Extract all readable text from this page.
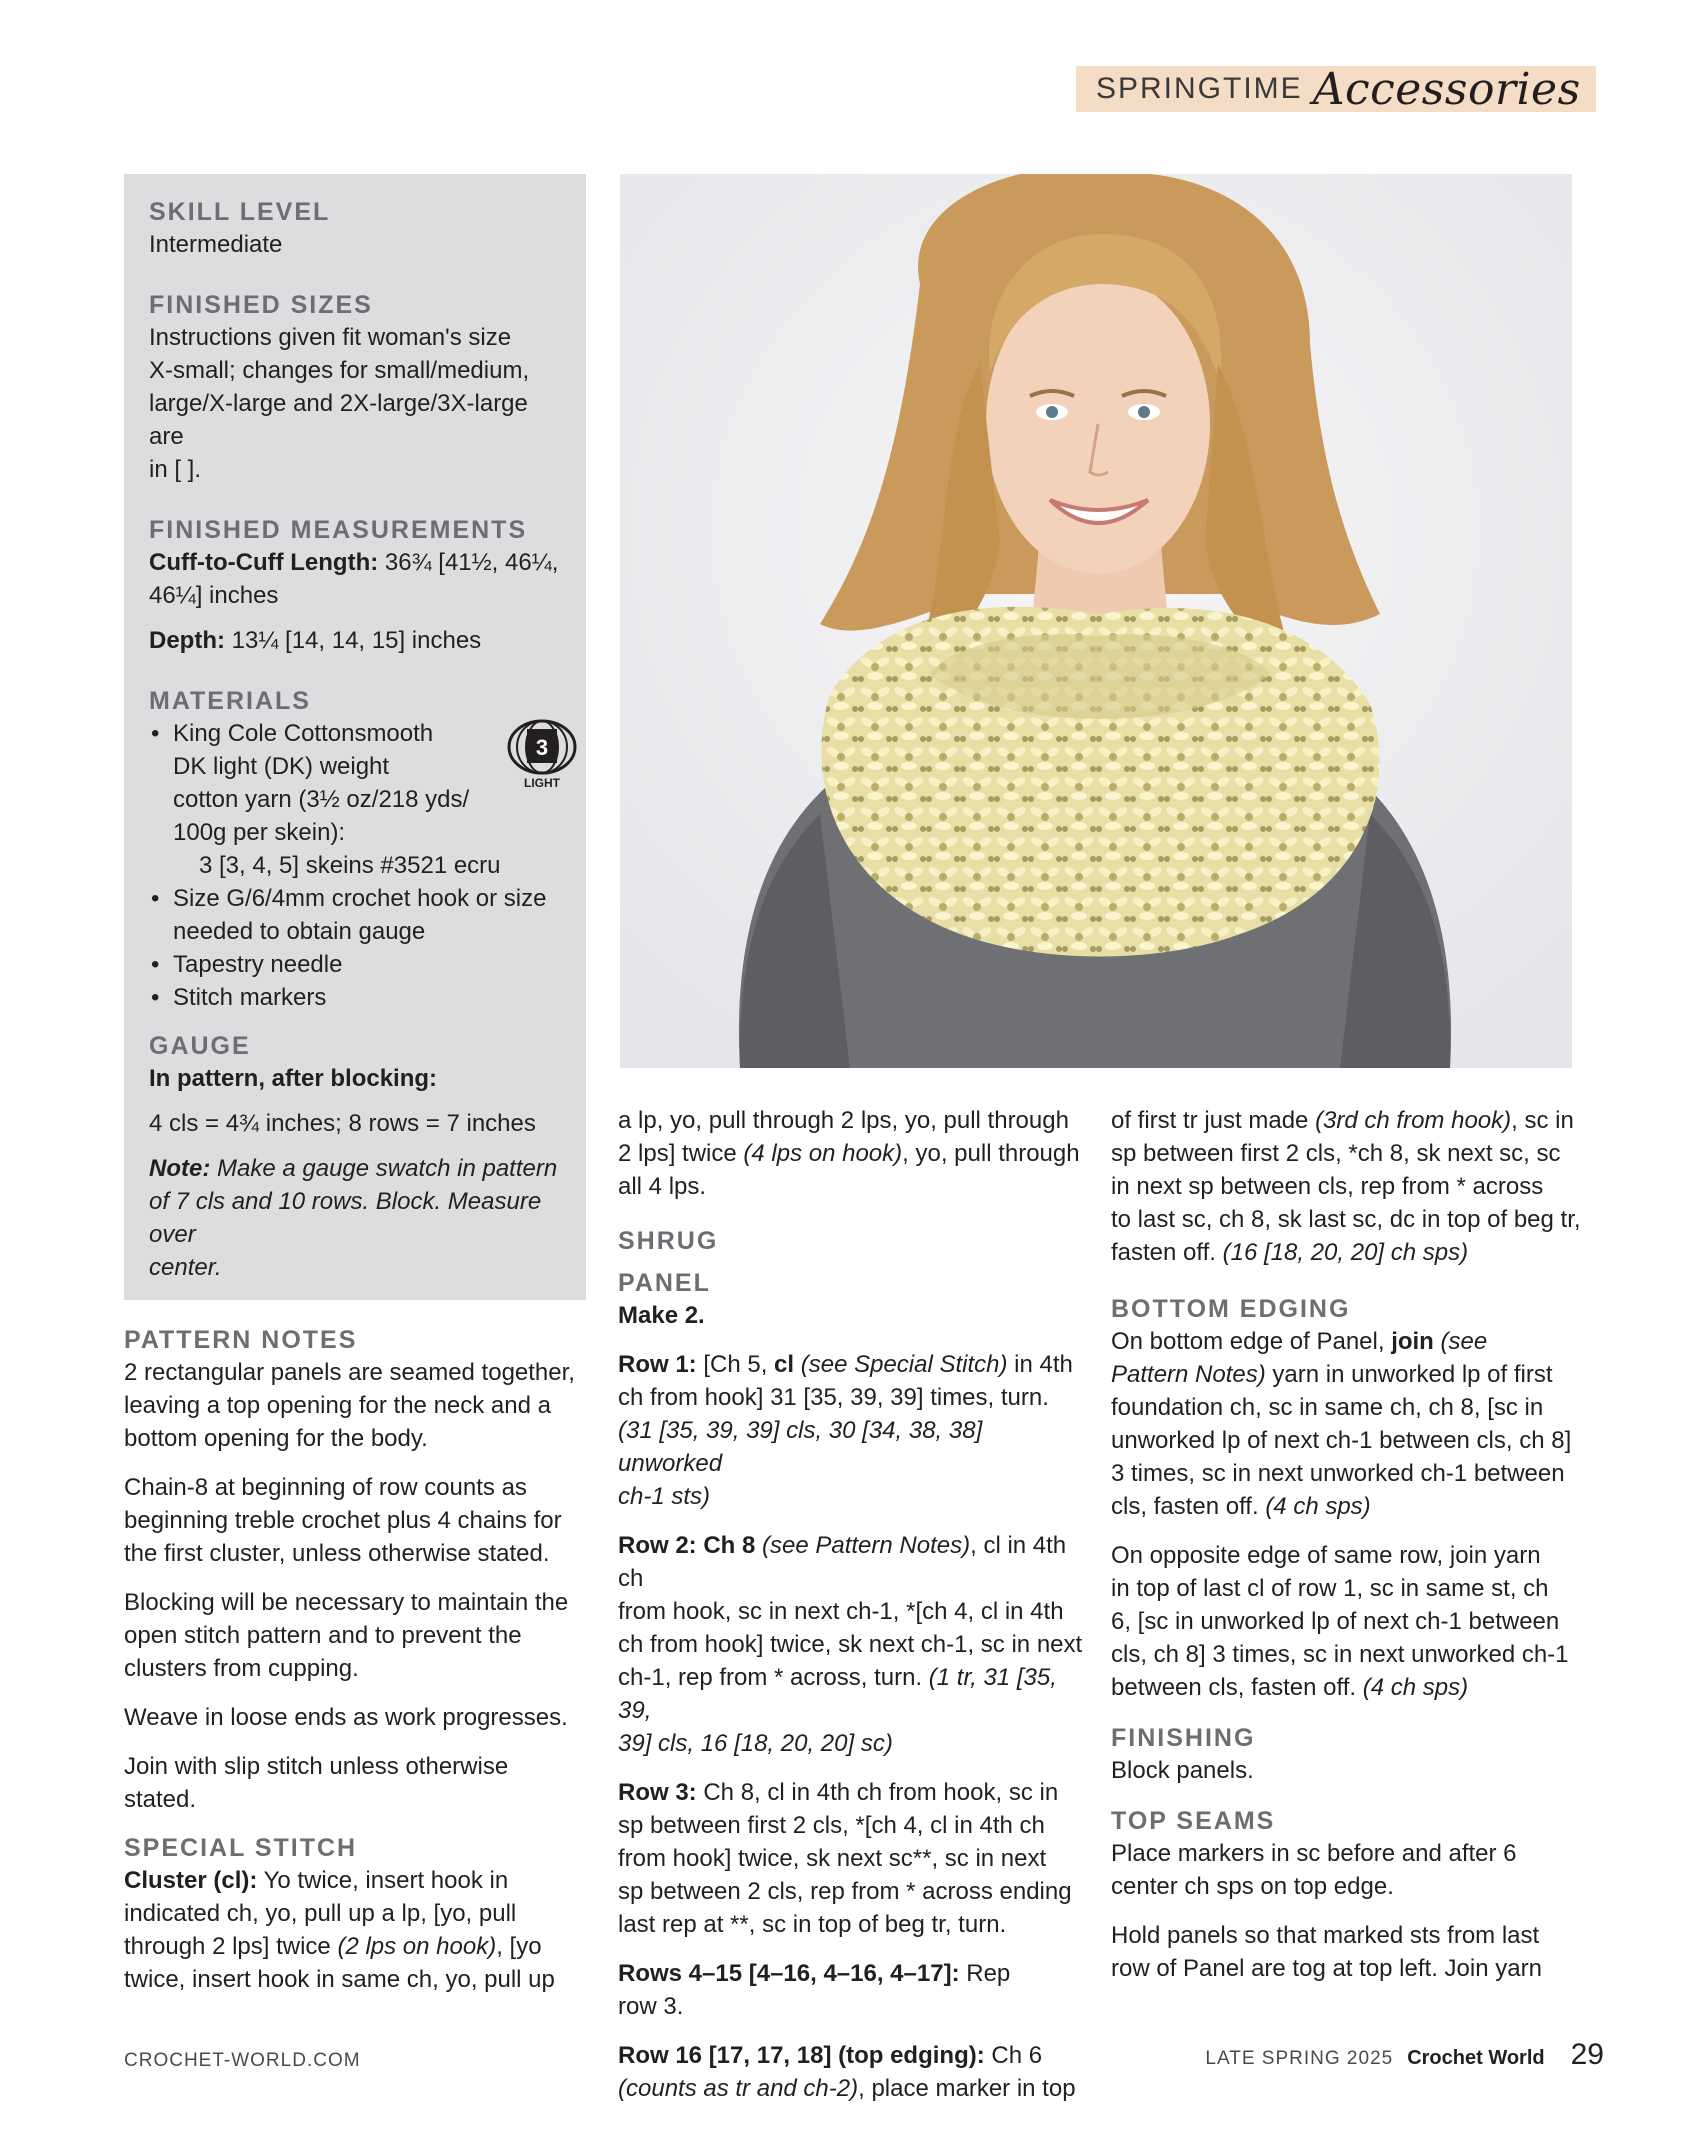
SPRINGTIME Accessories

SKILL LEVEL

Intermediate

FINISHED SIZES

Instructions given fit woman's size
X-small; changes for small/medium,
large/X-large and 2X-large/3X-large are
in [ ].

FINISHED MEASUREMENTS

Cuff-to-Cuff Length: 36¾ [41½, 46¼,
46¼] inches

Depth: 13¼ [14, 14, 15] inches

MATERIALS

3
LIGHT
• King Cole Cottonsmooth
DK light (DK) weight
cotton yarn (3½ oz/218 yds/
100g per skein):
3 [3, 4, 5] skeins #3521 ecru
• Size G/6/4mm crochet hook or size
needed to obtain gauge
• Tapestry needle
• Stitch markers

GAUGE

In pattern, after blocking:

4 cls = 4¾ inches; 8 rows = 7 inches

Note: Make a gauge swatch in pattern
of 7 cls and 10 rows. Block. Measure over
center.

PATTERN NOTES

2 rectangular panels are seamed together,
leaving a top opening for the neck and a
bottom opening for the body.

Chain-8 at beginning of row counts as
beginning treble crochet plus 4 chains for
the first cluster, unless otherwise stated.

Blocking will be necessary to maintain the
open stitch pattern and to prevent the
clusters from cupping.

Weave in loose ends as work progresses.

Join with slip stitch unless otherwise
stated.

SPECIAL STITCH

Cluster (cl): Yo twice, insert hook in
indicated ch, yo, pull up a lp, [yo, pull
through 2 lps] twice (2 lps on hook), [yo
twice, insert hook in same ch, yo, pull up

a lp, yo, pull through 2 lps, yo, pull through
2 lps] twice (4 lps on hook), yo, pull through
all 4 lps.

SHRUG

PANEL

Make 2.

Row 1: [Ch 5, cl (see Special Stitch) in 4th
ch from hook] 31 [35, 39, 39] times, turn.
(31 [35, 39, 39] cls, 30 [34, 38, 38] unworked
ch-1 sts)

Row 2: Ch 8 (see Pattern Notes), cl in 4th ch
from hook, sc in next ch-1, *[ch 4, cl in 4th
ch from hook] twice, sk next ch-1, sc in next
ch-1, rep from * across, turn. (1 tr, 31 [35, 39,
39] cls, 16 [18, 20, 20] sc)

Row 3: Ch 8, cl in 4th ch from hook, sc in
sp between first 2 cls, *[ch 4, cl in 4th ch
from hook] twice, sk next sc**, sc in next
sp between 2 cls, rep from * across ending
last rep at **, sc in top of beg tr, turn.

Rows 4–15 [4–16, 4–16, 4–17]: Rep
row 3.

Row 16 [17, 17, 18] (top edging): Ch 6
(counts as tr and ch-2), place marker in top

of first tr just made (3rd ch from hook), sc in
sp between first 2 cls, *ch 8, sk next sc, sc
in next sp between cls, rep from * across
to last sc, ch 8, sk last sc, dc in top of beg tr,
fasten off. (16 [18, 20, 20] ch sps)

BOTTOM EDGING

On bottom edge of Panel, join (see
Pattern Notes) yarn in unworked lp of first
foundation ch, sc in same ch, ch 8, [sc in
unworked lp of next ch-1 between cls, ch 8]
3 times, sc in next unworked ch-1 between
cls, fasten off. (4 ch sps)

On opposite edge of same row, join yarn
in top of last cl of row 1, sc in same st, ch
6, [sc in unworked lp of next ch-1 between
cls, ch 8] 3 times, sc in next unworked ch-1
between cls, fasten off. (4 ch sps)

FINISHING

Block panels.

TOP SEAMS

Place markers in sc before and after 6
center ch sps on top edge.

Hold panels so that marked sts from last
row of Panel are tog at top left. Join yarn

CROCHET-WORLD.COM	LATE SPRING 2025 Crochet World 29
